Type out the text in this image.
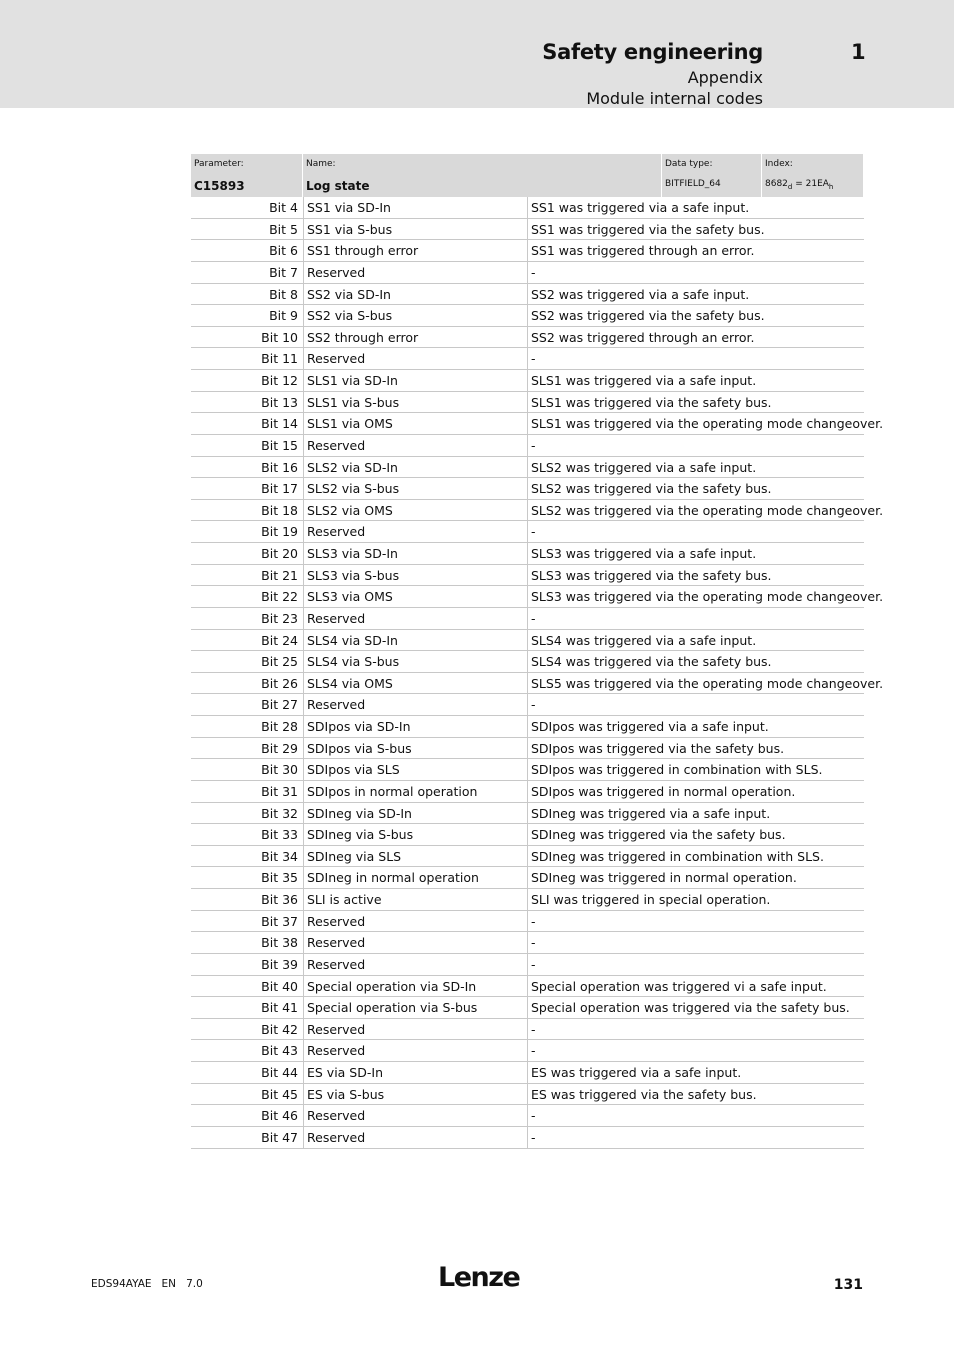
Safety engineering	1
Appendix
Module internal codes
Parameter:
C15893
Name:
Log state
Data type:
BITFIELD_64
Index:
$8682_d = 21EA_h$
Bit 4 SS1 via SD-In	SS1 was triggered via a safe input.
Bit 5 SS1 via S-bus	SS1 was triggered via the safety bus.
Bit 6 SS1 through error	SS1 was triggered through an error.
Bit 7 Reserved	-
Bit 8 SS2 via SD-In	SS2 was triggered via a safe input.
Bit 9 SS2 via S-bus	SS2 was triggered via the safety bus.
Bit 10 SS2 through error	SS2 was triggered through an error.
Bit 11 Reserved	-
Bit 12 SLS1 via SD-In	SLS1 was triggered via a safe input.
Bit 13 SLS1 via S-bus	SLS1 was triggered via the safety bus.
Bit 14 SLS1 via OMS	SLS1 was triggered via the operating mode changeover.
Bit 15 Reserved	-
Bit 16 SLS2 via SD-In	SLS2 was triggered via a safe input.
Bit 17 SLS2 via S-bus	SLS2 was triggered via the safety bus.
Bit 18 SLS2 via OMS	SLS2 was triggered via the operating mode changeover.
Bit 19 Reserved	-
Bit 20 SLS3 via SD-In	SLS3 was triggered via a safe input.
Bit 21 SLS3 via S-bus	SLS3 was triggered via the safety bus.
Bit 22 SLS3 via OMS	SLS3 was triggered via the operating mode changeover.
Bit 23 Reserved	-
Bit 24 SLS4 via SD-In	SLS4 was triggered via a safe input.
Bit 25 SLS4 via S-bus	SLS4 was triggered via the safety bus.
Bit 26 SLS4 via OMS	SLS5 was triggered via the operating mode changeover.
Bit 27 Reserved	-
Bit 28 SDIpos via SD-In	SDIpos was triggered via a safe input.
Bit 29 SDIpos via S-bus	SDIpos was triggered via the safety bus.
Bit 30 SDIpos via SLS	SDIpos was triggered in combination with SLS.
Bit 31 SDIpos in normal operation	SDIpos was triggered in normal operation.
Bit 32 SDIneg via SD-In	SDIneg was triggered via a safe input.
Bit 33 SDIneg via S-bus	SDIneg was triggered via the safety bus.
Bit 34 SDIneg via SLS	SDIneg was triggered in combination with SLS.
Bit 35 SDIneg in normal operation	SDIneg was triggered in normal operation.
Bit 36 SLI is active	SLI was triggered in special operation.
Bit 37 Reserved	-
Bit 38 Reserved	-
Bit 39 Reserved	-
Bit 40 Special operation via SD-In	Special operation was triggered vi a safe input.
Bit 41 Special operation via S-bus	Special operation was triggered via the safety bus.
Bit 42 Reserved	-
Bit 43 Reserved	-
Bit 44 ES via SD-In	ES was triggered via a safe input.
Bit 45 ES via S-bus	ES was triggered via the safety bus.
Bit 46 Reserved	-
Bit 47 Reserved	-
EDS94AYAE EN 7.0	Lenze	131
